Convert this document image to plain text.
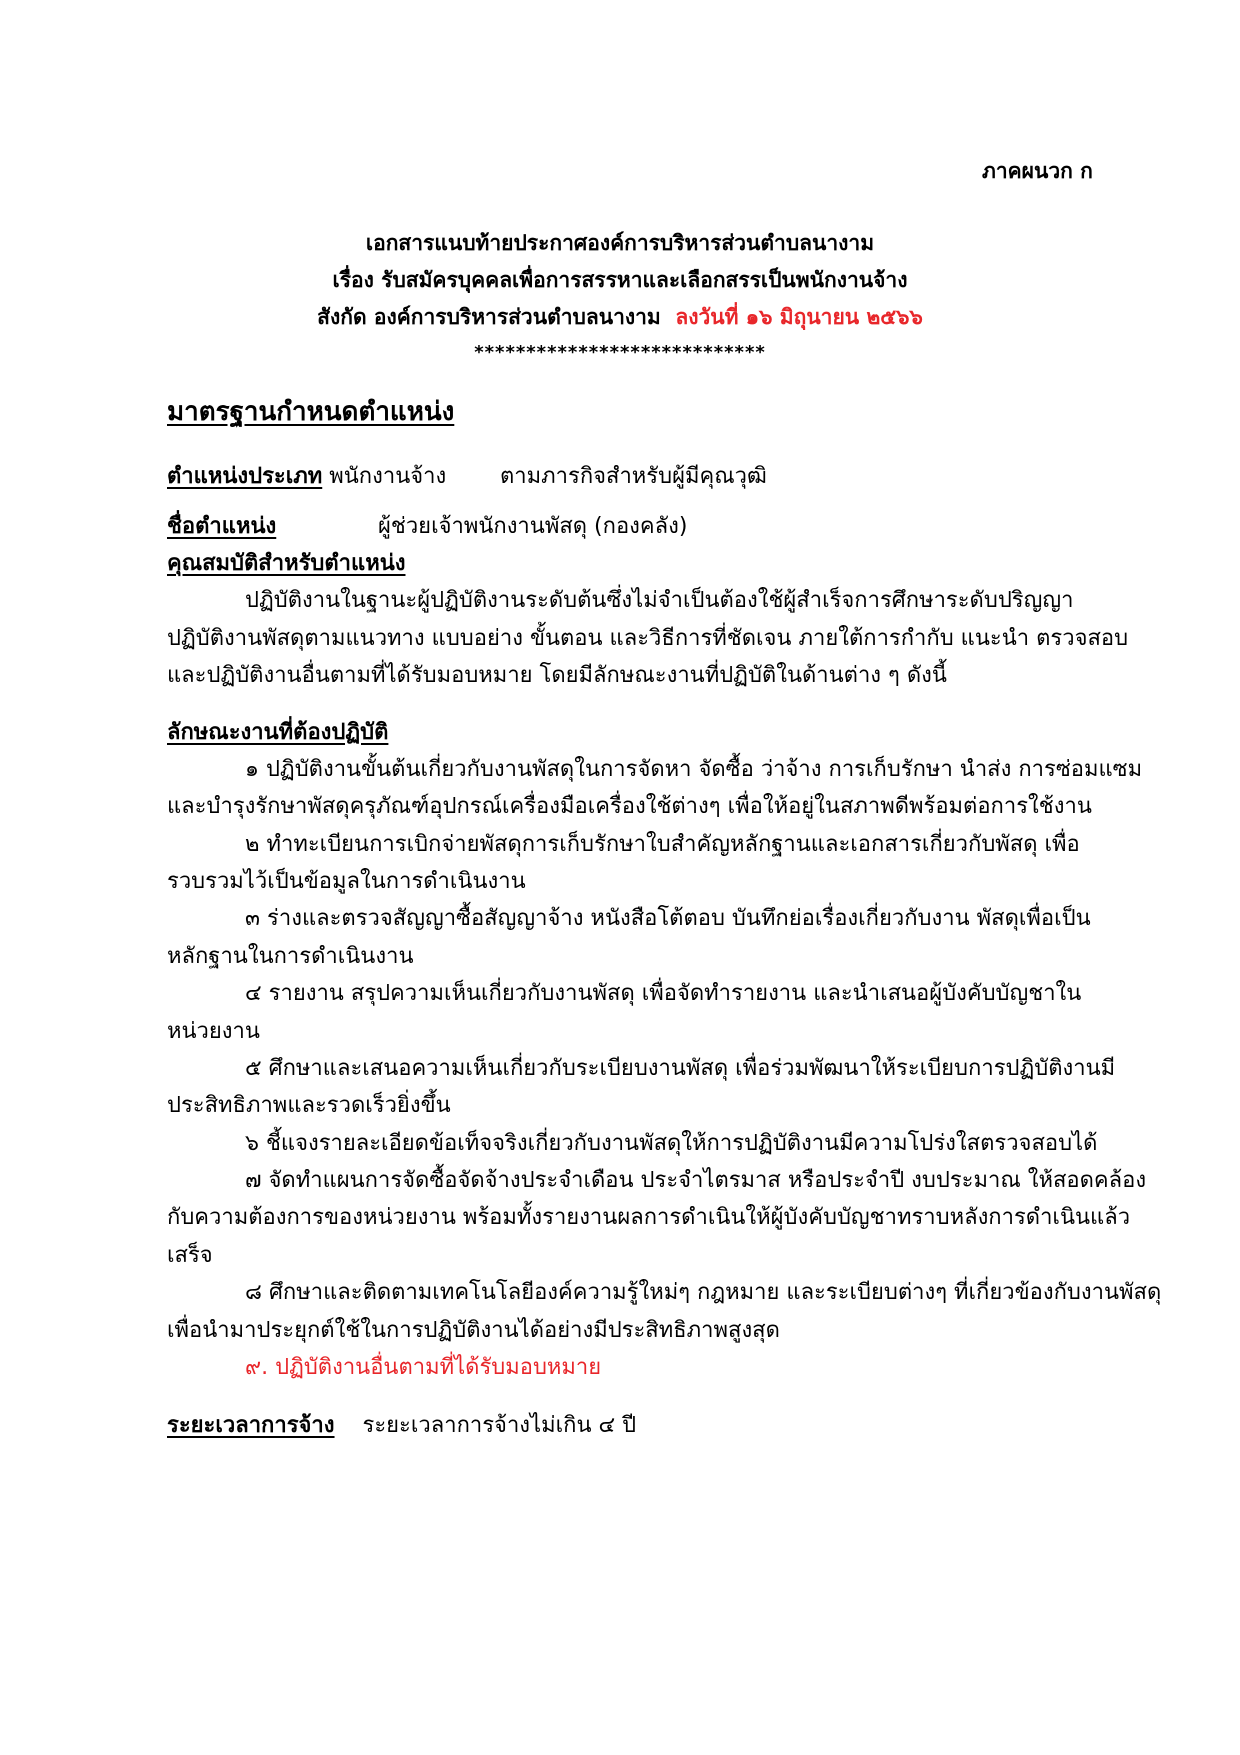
ภาคผนวก ก
เอกสารแนบท้ายประกาศองค์การบริหารส่วนตำบลนางาม
เรื่อง รับสมัครบุคคลเพื่อการสรรหาและเลือกสรรเป็นพนักงานจ้าง
สังกัด องค์การบริหารส่วนตำบลนางาม ลงวันที่ ๑๖ มิถุนายน ๒๕๖๖
****************************
มาตรฐานกำหนดตำแหน่ง
ตำแหน่งประเภท พนักงานจ้าง ตามภารกิจสำหรับผู้มีคุณวุฒิ
ชื่อตำแหน่ง	ผู้ช่วยเจ้าพนักงานพัสดุ (กองคลัง)
คุณสมบัติสำหรับตำแหน่ง
ปฏิบัติงานในฐานะผู้ปฏิบัติงานระดับต้นซึ่งไม่จำเป็นต้องใช้ผู้สำเร็จการศึกษาระดับปริญญา
ปฏิบัติงานพัสดุตามแนวทาง แบบอย่าง ขั้นตอน และวิธีการที่ชัดเจน ภายใต้การกำกับ แนะนำ ตรวจสอบ
และปฏิบัติงานอื่นตามที่ได้รับมอบหมาย โดยมีลักษณะงานที่ปฏิบัติในด้านต่าง ๆ ดังนี้
ลักษณะงานที่ต้องปฏิบัติ
๑ ปฏิบัติงานขั้นต้นเกี่ยวกับงานพัสดุในการจัดหา จัดซื้อ ว่าจ้าง การเก็บรักษา นำส่ง การซ่อมแซม
และบำรุงรักษาพัสดุครุภัณฑ์อุปกรณ์เครื่องมือเครื่องใช้ต่างๆ เพื่อให้อยู่ในสภาพดีพร้อมต่อการใช้งาน
๒ ทำทะเบียนการเบิกจ่ายพัสดุการเก็บรักษาใบสำคัญหลักฐานและเอกสารเกี่ยวกับพัสดุ เพื่อ
รวบรวมไว้เป็นข้อมูลในการดำเนินงาน
๓ ร่างและตรวจสัญญาซื้อสัญญาจ้าง หนังสือโต้ตอบ บันทึกย่อเรื่องเกี่ยวกับงาน พัสดุเพื่อเป็น
หลักฐานในการดำเนินงาน
๔ รายงาน สรุปความเห็นเกี่ยวกับงานพัสดุ เพื่อจัดทำรายงาน และนำเสนอผู้บังคับบัญชาใน
หน่วยงาน
๕ ศึกษาและเสนอความเห็นเกี่ยวกับระเบียบงานพัสดุ เพื่อร่วมพัฒนาให้ระเบียบการปฏิบัติงานมี
ประสิทธิภาพและรวดเร็วยิ่งขึ้น
๖ ชี้แจงรายละเอียดข้อเท็จจริงเกี่ยวกับงานพัสดุให้การปฏิบัติงานมีความโปร่งใสตรวจสอบได้
๗ จัดทำแผนการจัดซื้อจัดจ้างประจำเดือน ประจำไตรมาส หรือประจำปี งบประมาณ ให้สอดคล้อง
กับความต้องการของหน่วยงาน พร้อมทั้งรายงานผลการดำเนินให้ผู้บังคับบัญชาทราบหลังการดำเนินแล้ว
เสร็จ
๘ ศึกษาและติดตามเทคโนโลยีองค์ความรู้ใหม่ๆ กฎหมาย และระเบียบต่างๆ ที่เกี่ยวข้องกับงานพัสดุ
เพื่อนำมาประยุกต์ใช้ในการปฏิบัติงานได้อย่างมีประสิทธิภาพสูงสุด
๙. ปฏิบัติงานอื่นตามที่ได้รับมอบหมาย
ระยะเวลาการจ้าง ระยะเวลาการจ้างไม่เกิน ๔ ปี
